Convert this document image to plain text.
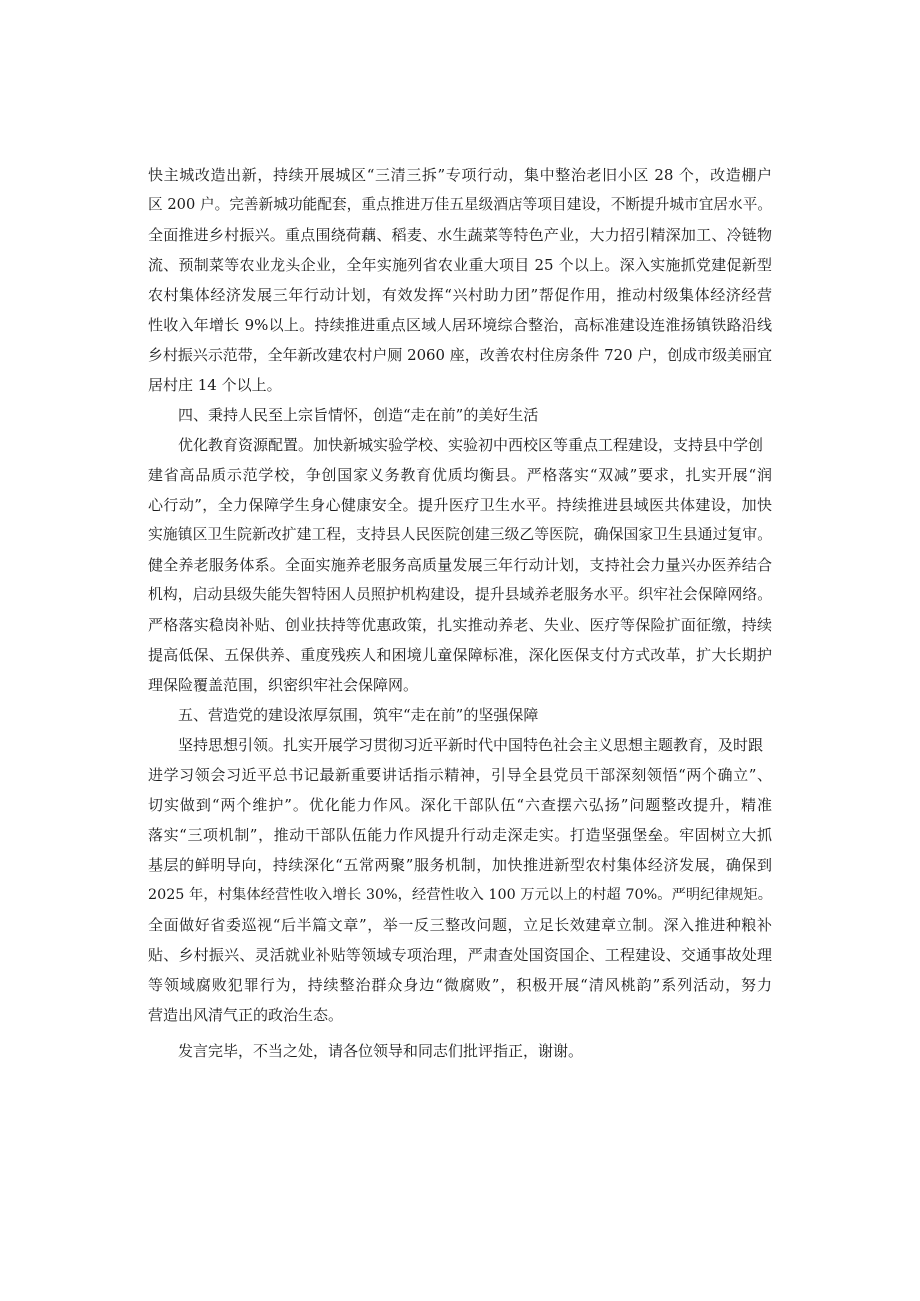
快主城改造出新，持续开展城区“三清三拆”专项行动，集中整治老旧小区 28 个，改造棚户
区 200 户。完善新城功能配套，重点推进万佳五星级酒店等项目建设，不断提升城市宜居水平。
全面推进乡村振兴。重点围绕荷藕、稻麦、水生蔬菜等特色产业，大力招引精深加工、冷链物
流、预制菜等农业龙头企业，全年实施列省农业重大项目 25 个以上。深入实施抓党建促新型
农村集体经济发展三年行动计划，有效发挥“兴村助力团”帮促作用，推动村级集体经济经营
性收入年增长 9%以上。持续推进重点区域人居环境综合整治，高标准建设连淮扬镇铁路沿线
乡村振兴示范带，全年新改建农村户厕 2060 座，改善农村住房条件 720 户，创成市级美丽宜
居村庄 14 个以上。
四、秉持人民至上宗旨情怀，创造“走在前”的美好生活
优化教育资源配置。加快新城实验学校、实验初中西校区等重点工程建设，支持县中学创
建省高品质示范学校，争创国家义务教育优质均衡县。严格落实“双减”要求，扎实开展“润
心行动”，全力保障学生身心健康安全。提升医疗卫生水平。持续推进县域医共体建设，加快
实施镇区卫生院新改扩建工程，支持县人民医院创建三级乙等医院，确保国家卫生县通过复审。
健全养老服务体系。全面实施养老服务高质量发展三年行动计划，支持社会力量兴办医养结合
机构，启动县级失能失智特困人员照护机构建设，提升县域养老服务水平。织牢社会保障网络。
严格落实稳岗补贴、创业扶持等优惠政策，扎实推动养老、失业、医疗等保险扩面征缴，持续
提高低保、五保供养、重度残疾人和困境儿童保障标准，深化医保支付方式改革，扩大长期护
理保险覆盖范围，织密织牢社会保障网。
五、营造党的建设浓厚氛围，筑牢“走在前”的坚强保障
坚持思想引领。扎实开展学习贯彻习近平新时代中国特色社会主义思想主题教育，及时跟
进学习领会习近平总书记最新重要讲话指示精神，引导全县党员干部深刻领悟“两个确立”、
切实做到“两个维护”。优化能力作风。深化干部队伍“六查摆六弘扬”问题整改提升，精准
落实“三项机制”，推动干部队伍能力作风提升行动走深走实。打造坚强堡垒。牢固树立大抓
基层的鲜明导向，持续深化“五常两聚”服务机制，加快推进新型农村集体经济发展，确保到
2025 年，村集体经营性收入增长 30%，经营性收入 100 万元以上的村超 70%。严明纪律规矩。
全面做好省委巡视“后半篇文章”，举一反三整改问题，立足长效建章立制。深入推进种粮补
贴、乡村振兴、灵活就业补贴等领域专项治理，严肃查处国资国企、工程建设、交通事故处理
等领域腐败犯罪行为，持续整治群众身边“微腐败”，积极开展“清风桃韵”系列活动，努力
营造出风清气正的政治生态。
发言完毕，不当之处，请各位领导和同志们批评指正，谢谢。
